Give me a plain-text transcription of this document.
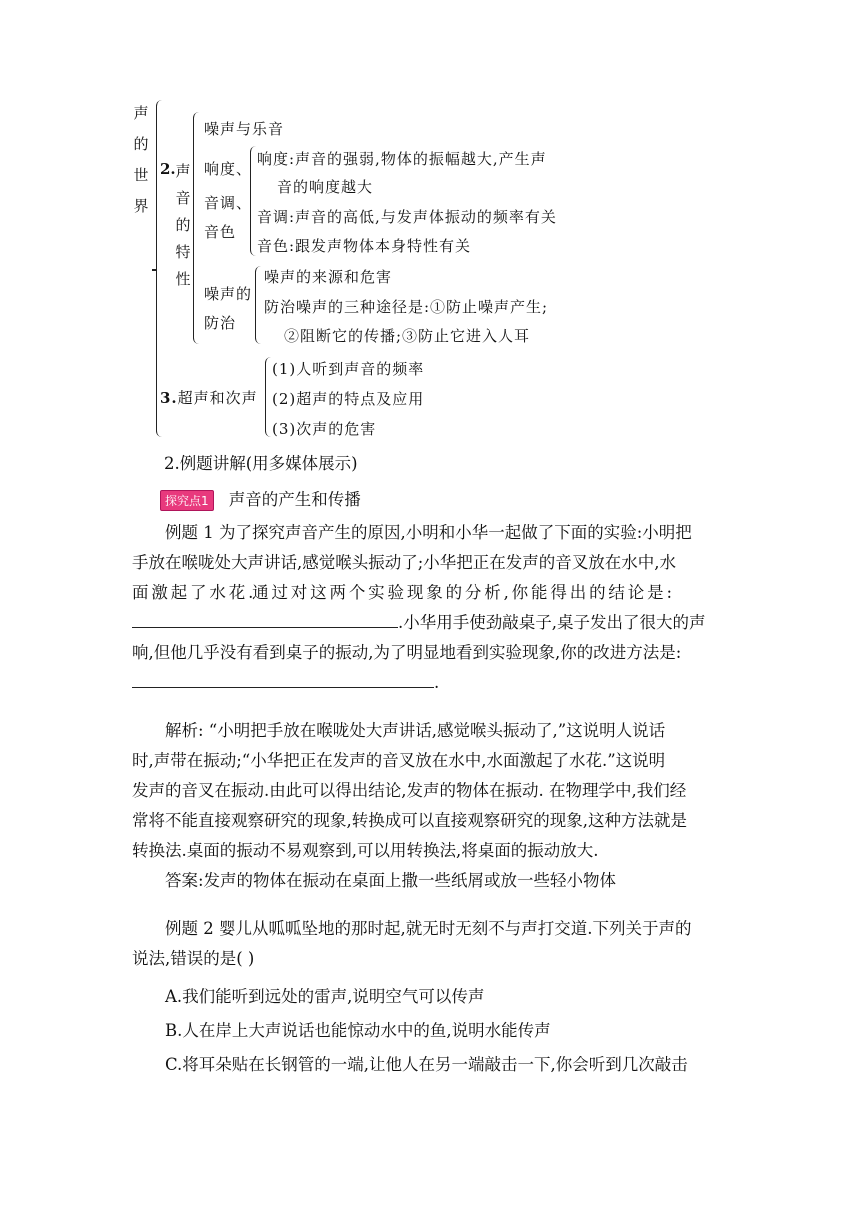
声的世界
2. 声音的特性
噪声与乐音
响度、
音调、
音色
响度:声音的强弱,物体的振幅越大,产生声
音的响度越大
音调:声音的高低,与发声体振动的频率有关
音色:跟发声物体本身特性有关
噪声的
防治
噪声的来源和危害
防治噪声的三种途径是:①防止噪声产生;
②阻断它的传播;③防止它进入人耳
3.超声和次声
(1)人听到声音的频率
(2)超声的特点及应用
(3)次声的危害
2.例题讲解(用多媒体展示)
探究点1 声音的产生和传播
例题 1 为了探究声音产生的原因,小明和小华一起做了下面的实验:小明把
手放在喉咙处大声讲话,感觉喉头振动了;小华把正在发声的音叉放在水中,水
面 激 起 了 水 花 .通 过 对 这 两 个 实 验 现 象 的 分 析 , 你 能 得 出 的 结 论 是 :
.小华用手使劲敲桌子,桌子发出了很大的声
响,但他几乎没有看到桌子的振动,为了明显地看到实验现象,你的改进方法是:
.
解析: “小明把手放在喉咙处大声讲话,感觉喉头振动了,”这说明人说话
时,声带在振动;“小华把正在发声的音叉放在水中,水面激起了水花.”这说明
发声的音叉在振动.由此可以得出结论,发声的物体在振动. 在物理学中,我们经
常将不能直接观察研究的现象,转换成可以直接观察研究的现象,这种方法就是
转换法.桌面的振动不易观察到,可以用转换法,将桌面的振动放大.
答案:发声的物体在振动在桌面上撒一些纸屑或放一些轻小物体
例题 2 婴儿从呱呱坠地的那时起,就无时无刻不与声打交道.下列关于声的
说法,错误的是( )
A.我们能听到远处的雷声,说明空气可以传声
B.人在岸上大声说话也能惊动水中的鱼,说明水能传声
C.将耳朵贴在长钢管的一端,让他人在另一端敲击一下,你会听到几次敲击
